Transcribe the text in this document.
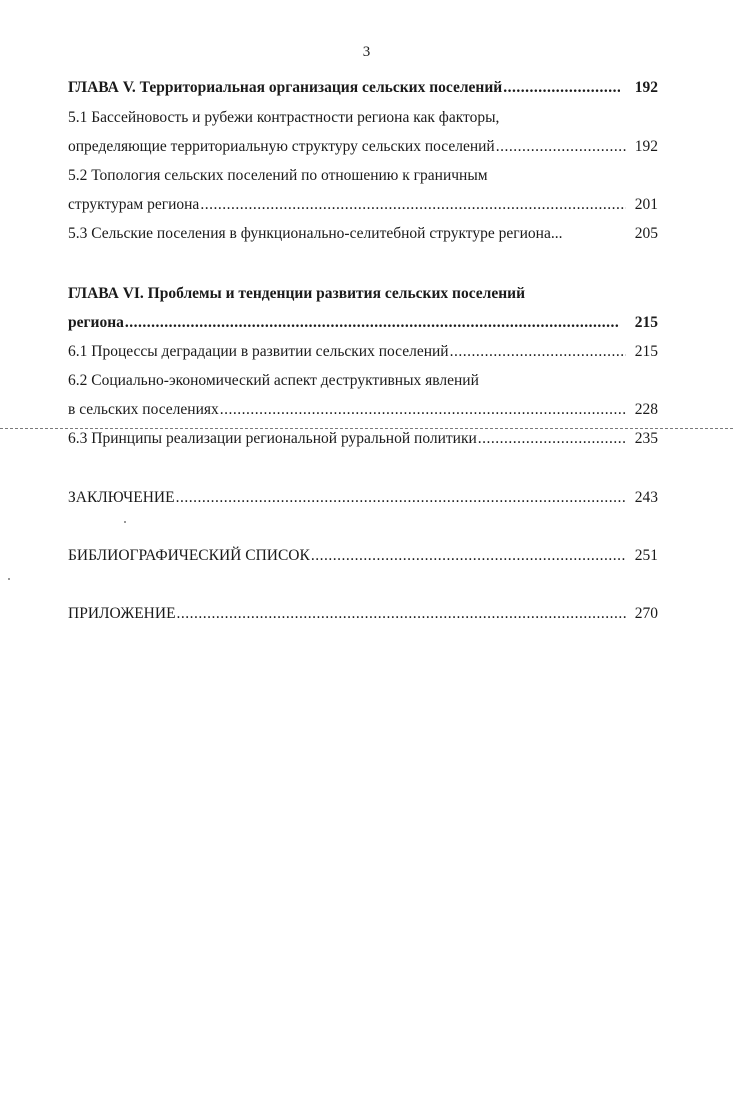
3
ГЛАВА V. Территориальная организация сельских поселений .....	192
5.1 Бассейновость и рубежи контрастности региона как факторы,
определяющие территориальную структуру сельских поселений .....	192
5.2 Топология сельских поселений по отношению к граничным
структурам региона .....	201
5.3 Сельские поселения в функционально-селитебной структуре региона...	205
ГЛАВА VI. Проблемы и тенденции развития сельских поселений
региона .....	215
6.1 Процессы деградации в развитии сельских поселений .....	215
6.2 Социально-экономический аспект деструктивных явлений
в сельских поселениях .....	228
6.3 Принципы реализации региональной руральной политики .....	235
ЗАКЛЮЧЕНИЕ .....	243
БИБЛИОГРАФИЧЕСКИЙ СПИСОК .....	251
ПРИЛОЖЕНИЕ .....	270
